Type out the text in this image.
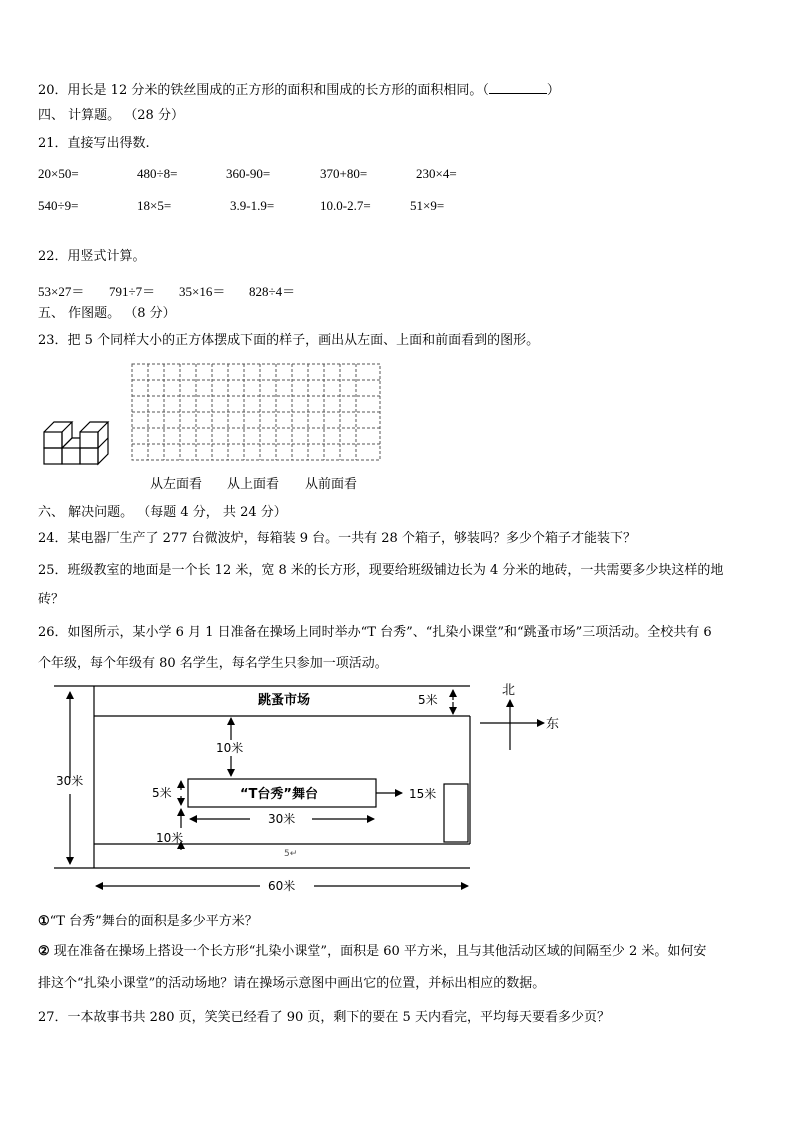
20．用长是 12 分米的铁丝围成的正方形的面积和围成的长方形的面积相同。（	）
四、 计算题。 （28 分）
21．直接写出得数.
20×50=	480÷8=	360-90=	370+80=	230×4=
540÷9=	18×5=	3.9-1.9=	10.0-2.7=	51×9=
22．用竖式计算。
53×27＝ 791÷7＝ 35×16＝ 828÷4＝
五、 作图题。 （8 分）
23．把 5 个同样大小的正方体摆成下面的样子，画出从左面、上面和前面看到的图形。
从左面看 从上面看 从前面看
六、 解决问题。 （每题 4 分， 共 24 分）
24．某电器厂生产了 277 台微波炉，每箱装 9 台。一共有 28 个箱子，够装吗？多少个箱子才能装下？
25．班级教室的地面是一个长 12 米，宽 8 米的长方形，现要给班级铺边长为 4 分米的地砖，一共需要多少块这样的地
砖？
26．如图所示，某小学 6 月 1 日准备在操场上同时举办“T 台秀”、“扎染小课堂”和“跳蚤市场”三项活动。全校共有 6
个年级，每个年级有 80 名学生，每名学生只参加一项活动。
跳蚤市场	5米
10米
30米
5米	“T台秀”舞台	15米
30米
10米
5↵
60米
北
东
①“T 台秀”舞台的面积是多少平方米？
② 现在准备在操场上搭设一个长方形“扎染小课堂”，面积是 60 平方米，且与其他活动区域的间隔至少 2 米。如何安
排这个“扎染小课堂”的活动场地？请在操场示意图中画出它的位置，并标出相应的数据。
27．一本故事书共 280 页，笑笑已经看了 90 页，剩下的要在 5 天内看完，平均每天要看多少页？
